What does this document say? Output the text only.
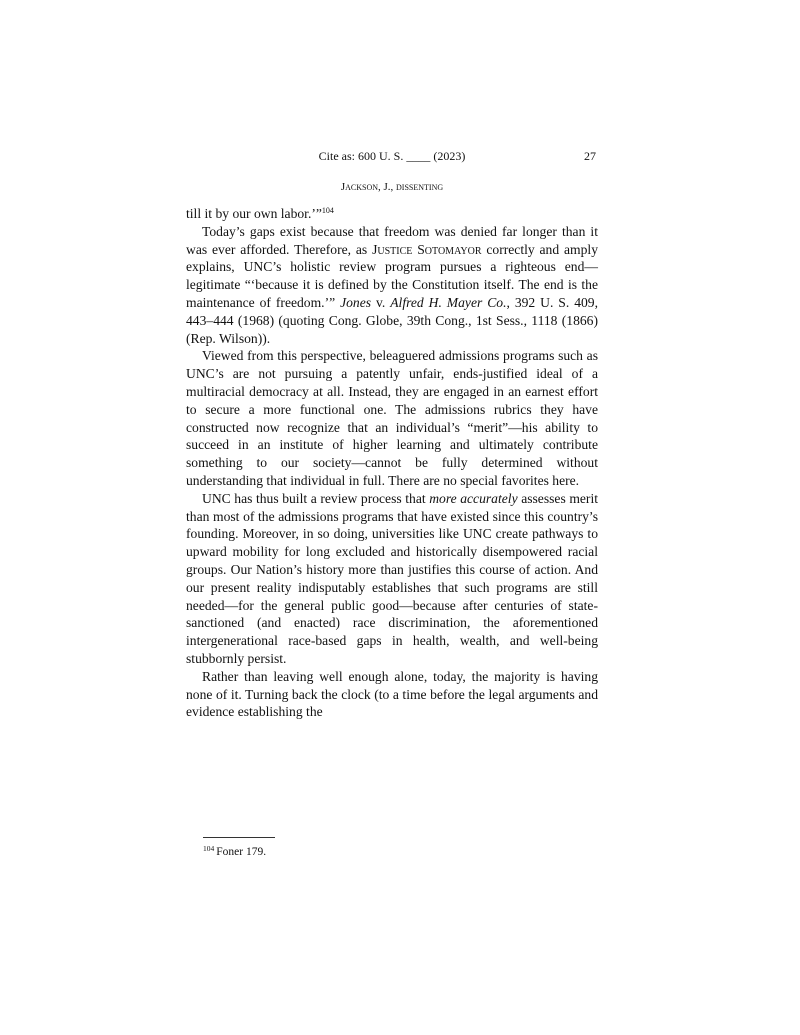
Cite as: 600 U. S. ____ (2023)	27
Jackson, J., dissenting

till it by our own labor.’”$^{104}$

Today’s gaps exist because that freedom was denied far longer than it was ever afforded. Therefore, as Justice Sotomayor correctly and amply explains, UNC’s holistic review program pursues a righteous end—legitimate “‘because it is defined by the Constitution itself. The end is the maintenance of freedom.’” Jones v. Alfred H. Mayer Co., 392 U. S. 409, 443–444 (1968) (quoting Cong. Globe, 39th Cong., 1st Sess., 1118 (1866) (Rep. Wilson)).

Viewed from this perspective, beleaguered admissions programs such as UNC’s are not pursuing a patently unfair, ends-justified ideal of a multiracial democracy at all. Instead, they are engaged in an earnest effort to secure a more functional one. The admissions rubrics they have constructed now recognize that an individual’s “merit”—his ability to succeed in an institute of higher learning and ultimately contribute something to our society—cannot be fully determined without understanding that individual in full. There are no special favorites here.

UNC has thus built a review process that more accurately assesses merit than most of the admissions programs that have existed since this country’s founding. Moreover, in so doing, universities like UNC create pathways to upward mobility for long excluded and historically disempowered racial groups. Our Nation’s history more than justifies this course of action. And our present reality indisputably establishes that such programs are still needed—for the general public good—because after centuries of state-sanctioned (and enacted) race discrimination, the aforementioned intergenerational race-based gaps in health, wealth, and well-being stubbornly persist.

Rather than leaving well enough alone, today, the majority is having none of it. Turning back the clock (to a time before the legal arguments and evidence establishing the

$^{104}$ Foner 179.
